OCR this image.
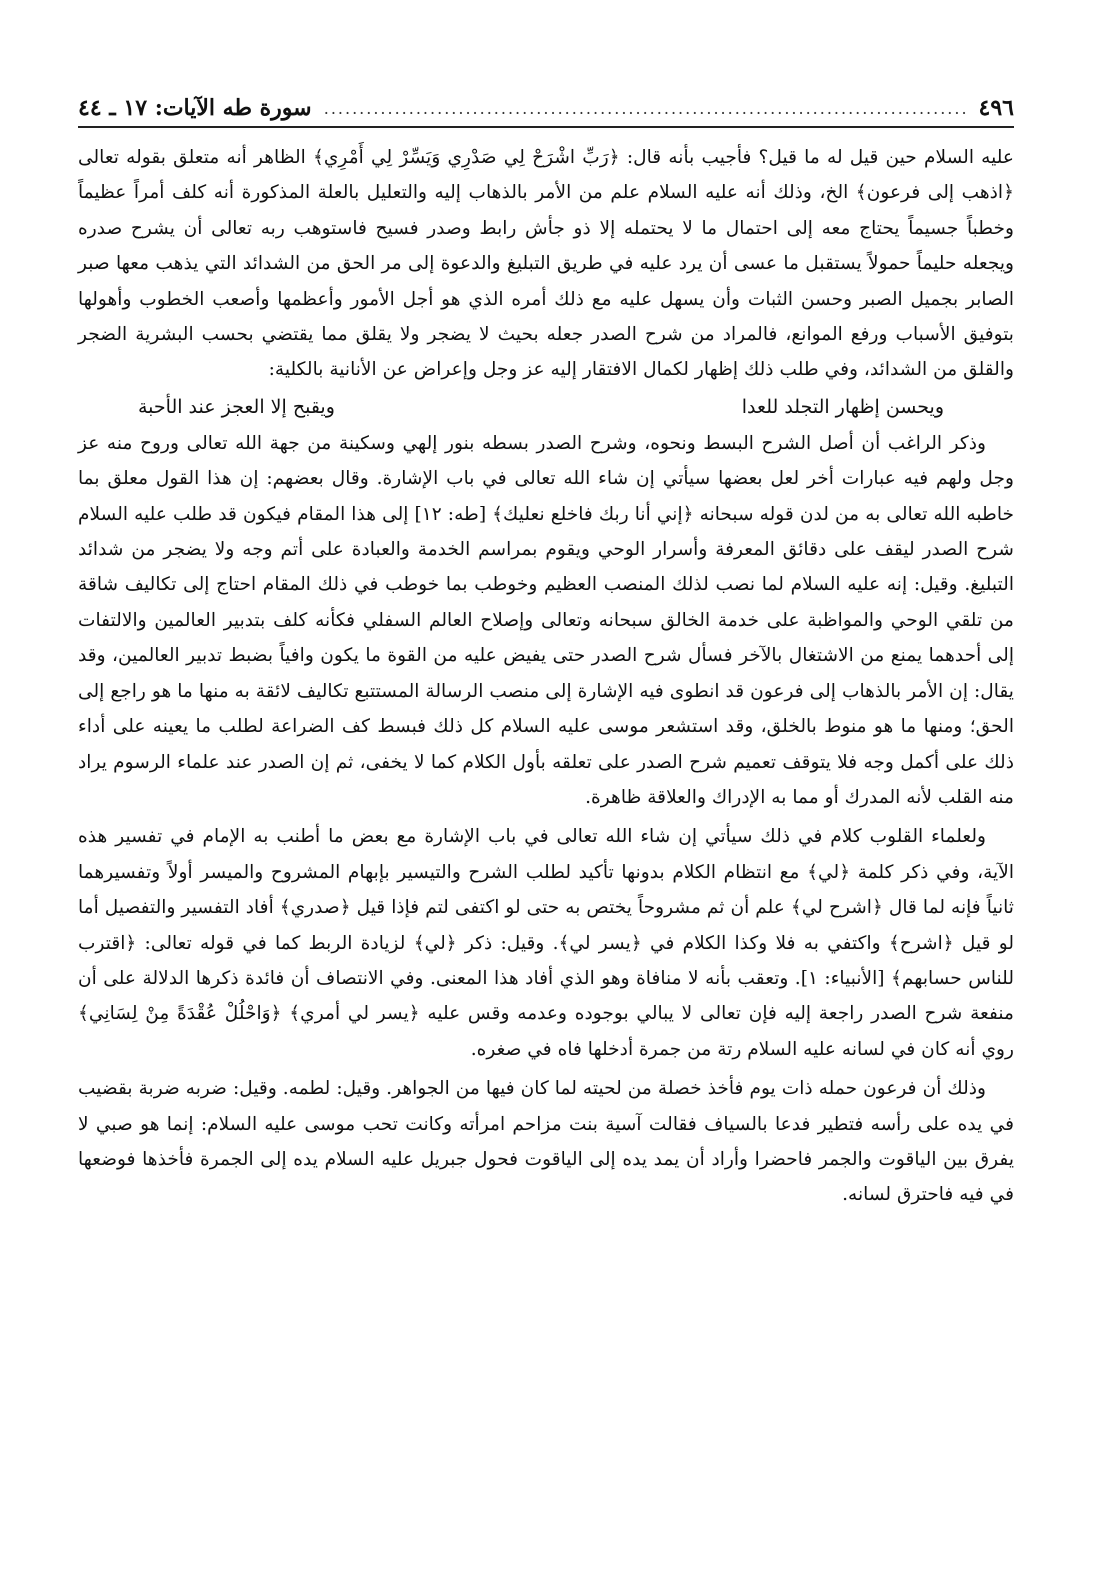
٤٩٦
.....
سورة طه الآيات: ١٧ ـ ٤٤

عليه السلام حين قيل له ما قيل؟ فأجيب بأنه قال: ﴿رَبِّ اشْرَحْ لِي صَدْرِي وَيَسِّرْ لِي أَمْرِي﴾ الظاهر أنه متعلق بقوله تعالى ﴿اذهب إلى فرعون﴾ الخ، وذلك أنه عليه السلام علم من الأمر بالذهاب إليه والتعليل بالعلة المذكورة أنه كلف أمراً عظيماً وخطباً جسيماً يحتاج معه إلى احتمال ما لا يحتمله إلا ذو جأش رابط وصدر فسيح فاستوهب ربه تعالى أن يشرح صدره ويجعله حليماً حمولاً يستقبل ما عسى أن يرد عليه في طريق التبليغ والدعوة إلى مر الحق من الشدائد التي يذهب معها صبر الصابر بجميل الصبر وحسن الثبات وأن يسهل عليه مع ذلك أمره الذي هو أجل الأمور وأعظمها وأصعب الخطوب وأهولها بتوفيق الأسباب ورفع الموانع، فالمراد من شرح الصدر جعله بحيث لا يضجر ولا يقلق مما يقتضي بحسب البشرية الضجر والقلق من الشدائد، وفي طلب ذلك إظهار لكمال الافتقار إليه عز وجل وإعراض عن الأنانية بالكلية:

ويحسن إظهار التجلد للعدا
ويقبح إلا العجز عند الأحبة

وذكر الراغب أن أصل الشرح البسط ونحوه، وشرح الصدر بسطه بنور إلهي وسكينة من جهة الله تعالى وروح منه عز وجل ولهم فيه عبارات أخر لعل بعضها سيأتي إن شاء الله تعالى في باب الإشارة. وقال بعضهم: إن هذا القول معلق بما خاطبه الله تعالى به من لدن قوله سبحانه ﴿إني أنا ربك فاخلع نعليك﴾ [طه: ١٢] إلى هذا المقام فيكون قد طلب عليه السلام شرح الصدر ليقف على دقائق المعرفة وأسرار الوحي ويقوم بمراسم الخدمة والعبادة على أتم وجه ولا يضجر من شدائد التبليغ. وقيل: إنه عليه السلام لما نصب لذلك المنصب العظيم وخوطب بما خوطب في ذلك المقام احتاج إلى تكاليف شاقة من تلقي الوحي والمواظبة على خدمة الخالق سبحانه وتعالى وإصلاح العالم السفلي فكأنه كلف بتدبير العالمين والالتفات إلى أحدهما يمنع من الاشتغال بالآخر فسأل شرح الصدر حتى يفيض عليه من القوة ما يكون وافياً بضبط تدبير العالمين، وقد يقال: إن الأمر بالذهاب إلى فرعون قد انطوى فيه الإشارة إلى منصب الرسالة المستتبع تكاليف لائقة به منها ما هو راجع إلى الحق؛ ومنها ما هو منوط بالخلق، وقد استشعر موسى عليه السلام كل ذلك فبسط كف الضراعة لطلب ما يعينه على أداء ذلك على أكمل وجه فلا يتوقف تعميم شرح الصدر على تعلقه بأول الكلام كما لا يخفى، ثم إن الصدر عند علماء الرسوم يراد منه القلب لأنه المدرك أو مما به الإدراك والعلاقة ظاهرة.

ولعلماء القلوب كلام في ذلك سيأتي إن شاء الله تعالى في باب الإشارة مع بعض ما أطنب به الإمام في تفسير هذه الآية، وفي ذكر كلمة ﴿لي﴾ مع انتظام الكلام بدونها تأكيد لطلب الشرح والتيسير بإبهام المشروح والميسر أولاً وتفسيرهما ثانياً فإنه لما قال ﴿اشرح لي﴾ علم أن ثم مشروحاً يختص به حتى لو اكتفى لتم فإذا قيل ﴿صدري﴾ أفاد التفسير والتفصيل أما لو قيل ﴿اشرح﴾ واكتفي به فلا وكذا الكلام في ﴿يسر لي﴾. وقيل: ذكر ﴿لي﴾ لزيادة الربط كما في قوله تعالى: ﴿اقترب للناس حسابهم﴾ [الأنبياء: ١]. وتعقب بأنه لا منافاة وهو الذي أفاد هذا المعنى. وفي الانتصاف أن فائدة ذكرها الدلالة على أن منفعة شرح الصدر راجعة إليه فإن تعالى لا يبالي بوجوده وعدمه وقس عليه ﴿يسر لي أمري﴾ ﴿وَاحْلُلْ عُقْدَةً مِنْ لِسَانِي﴾ روي أنه كان في لسانه عليه السلام رتة من جمرة أدخلها فاه في صغره.

وذلك أن فرعون حمله ذات يوم فأخذ خصلة من لحيته لما كان فيها من الجواهر. وقيل: لطمه. وقيل: ضربه ضربة بقضيب في يده على رأسه فتطير فدعا بالسياف فقالت آسية بنت مزاحم امرأته وكانت تحب موسى عليه السلام: إنما هو صبي لا يفرق بين الياقوت والجمر فاحضرا وأراد أن يمد يده إلى الياقوت فحول جبريل عليه السلام يده إلى الجمرة فأخذها فوضعها في فيه فاحترق لسانه.
